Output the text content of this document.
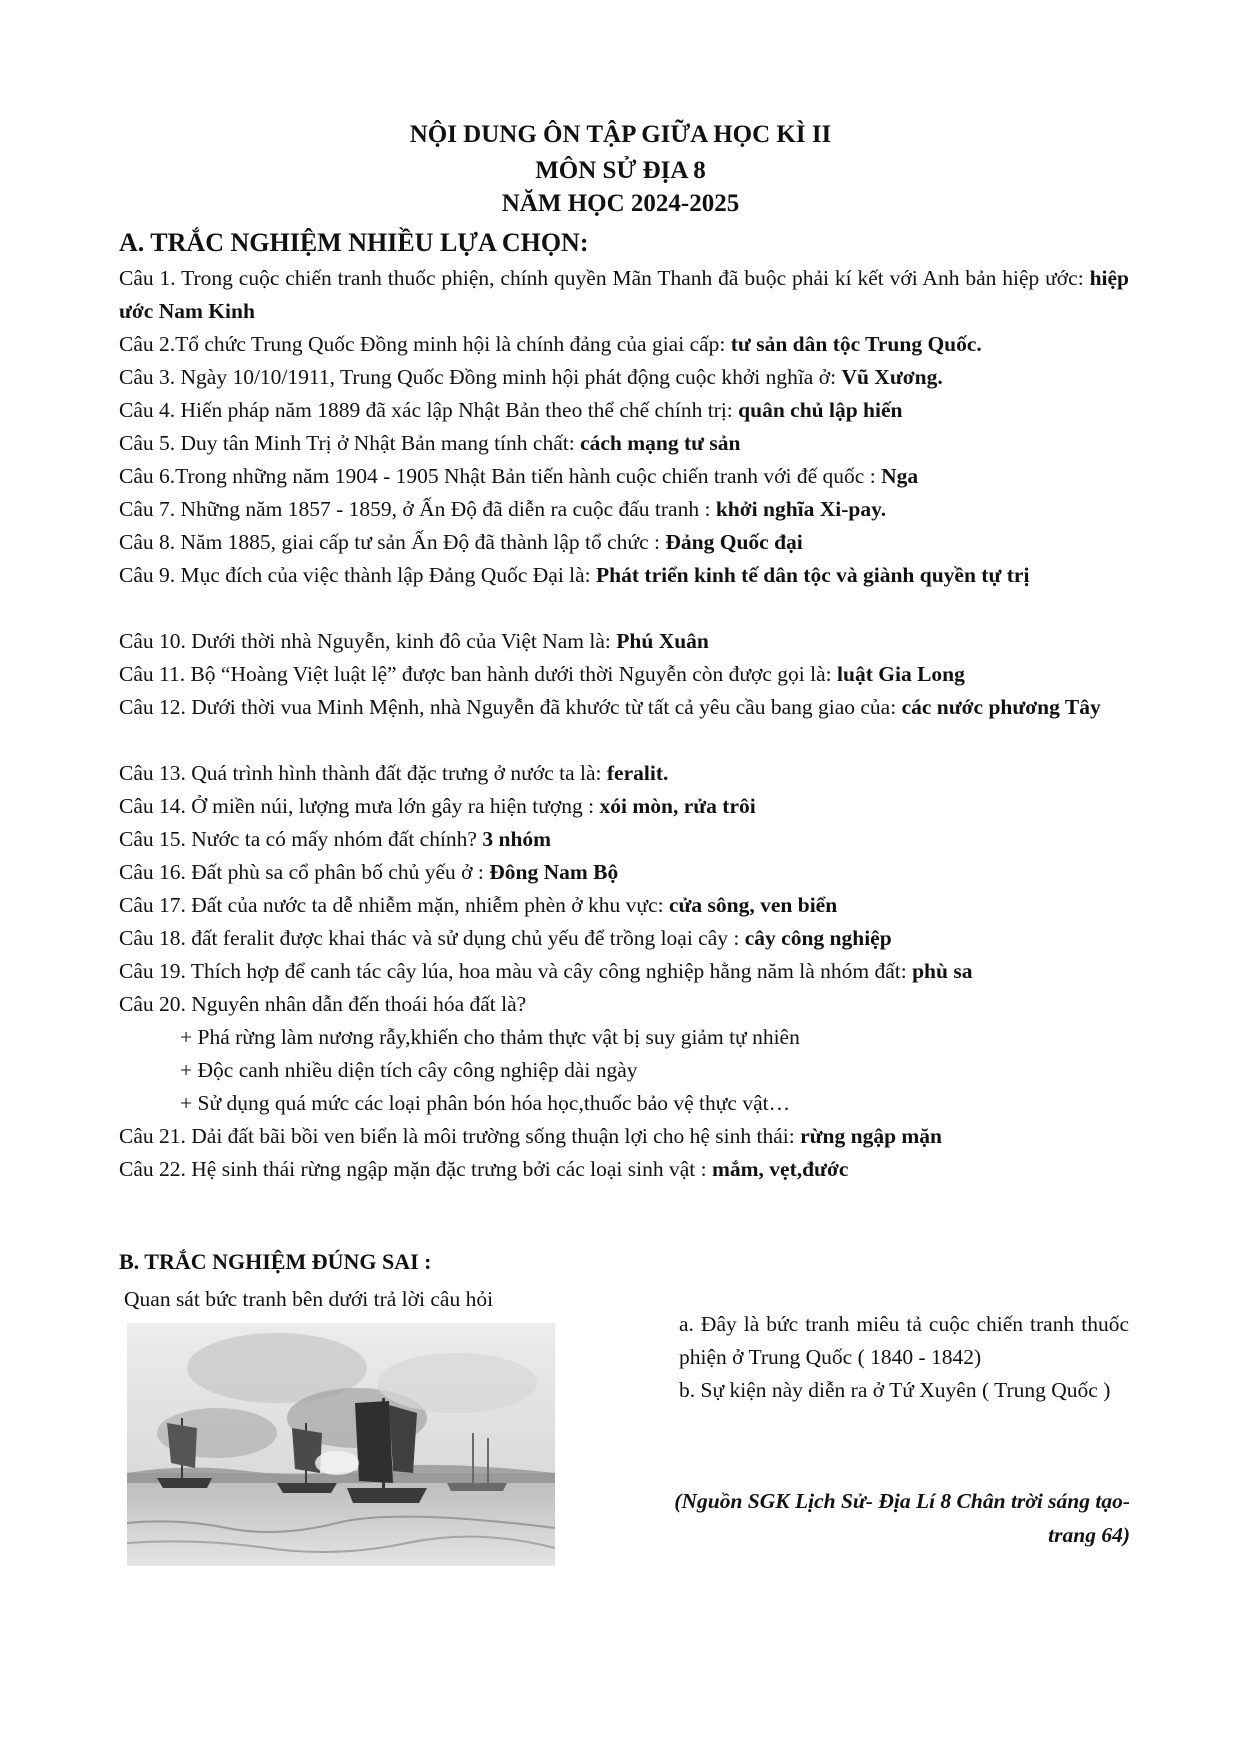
NỘI DUNG ÔN TẬP GIỮA HỌC KÌ II
MÔN SỬ ĐỊA 8
NĂM HỌC 2024-2025
A. TRẮC NGHIỆM NHIỀU LỰA CHỌN:
Câu 1. Trong cuộc chiến tranh thuốc phiện, chính quyền Mãn Thanh đã buộc phải kí kết với Anh bản hiệp ước: hiệp ước Nam Kinh
Câu 2.Tổ chức Trung Quốc Đồng minh hội là chính đảng của giai cấp: tư sản dân tộc Trung Quốc.
Câu 3. Ngày 10/10/1911, Trung Quốc Đồng minh hội phát động cuộc khởi nghĩa ở: Vũ Xương.
Câu 4. Hiến pháp năm 1889 đã xác lập Nhật Bản theo thể chế chính trị: quân chủ lập hiến
Câu 5. Duy tân Minh Trị ở Nhật Bản mang tính chất: cách mạng tư sản
Câu 6.Trong những năm 1904 - 1905 Nhật Bản tiến hành cuộc chiến tranh với đế quốc : Nga
Câu 7. Những năm 1857 - 1859, ở Ấn Độ đã diễn ra cuộc đấu tranh : khởi nghĩa Xi-pay.
Câu 8. Năm 1885, giai cấp tư sản Ấn Độ đã thành lập tổ chức : Đảng Quốc đại
Câu 9. Mục đích của việc thành lập Đảng Quốc Đại là: Phát triển kinh tế dân tộc và giành quyền tự trị
Câu 10. Dưới thời nhà Nguyễn, kinh đô của Việt Nam là: Phú Xuân
Câu 11. Bộ “Hoàng Việt luật lệ” được ban hành dưới thời Nguyễn còn được gọi là: luật Gia Long
Câu 12. Dưới thời vua Minh Mệnh, nhà Nguyễn đã khước từ tất cả yêu cầu bang giao của: các nước phương Tây
Câu 13. Quá trình hình thành đất đặc trưng ở nước ta là: feralit.
Câu 14. Ở miền núi, lượng mưa lớn gây ra hiện tượng : xói mòn, rửa trôi
Câu 15. Nước ta có mấy nhóm đất chính? 3 nhóm
Câu 16. Đất phù sa cổ phân bố chủ yếu ở : Đông Nam Bộ
Câu 17. Đất của nước ta dễ nhiễm mặn, nhiễm phèn ở khu vực: cửa sông, ven biển
Câu 18. đất feralit được khai thác và sử dụng chủ yếu để trồng loại cây : cây công nghiệp
Câu 19. Thích hợp để canh tác cây lúa, hoa màu và cây công nghiệp hằng năm là nhóm đất: phù sa
Câu 20. Nguyên nhân dẫn đến thoái hóa đất là?
+ Phá rừng làm nương rẫy,khiến cho thảm thực vật bị suy giảm tự nhiên
+ Độc canh nhiều diện tích cây công nghiệp dài ngày
+ Sử dụng quá mức các loại phân bón hóa học,thuốc bảo vệ thực vật…
Câu 21. Dải đất bãi bồi ven biển là môi trường sống thuận lợi cho hệ sinh thái: rừng ngập mặn
Câu 22. Hệ sinh thái rừng ngập mặn đặc trưng bởi các loại sinh vật : mắm, vẹt,đước
B. TRẮC NGHIỆM ĐÚNG SAI :
Quan sát bức tranh bên dưới trả lời câu hỏi
a. Đây là bức tranh miêu tả cuộc chiến tranh thuốc phiện ở Trung Quốc ( 1840 - 1842)
b. Sự kiện này diễn ra ở Tứ Xuyên ( Trung Quốc )
(Nguồn SGK Lịch Sử- Địa Lí 8 Chân trời sáng tạo- trang 64)
